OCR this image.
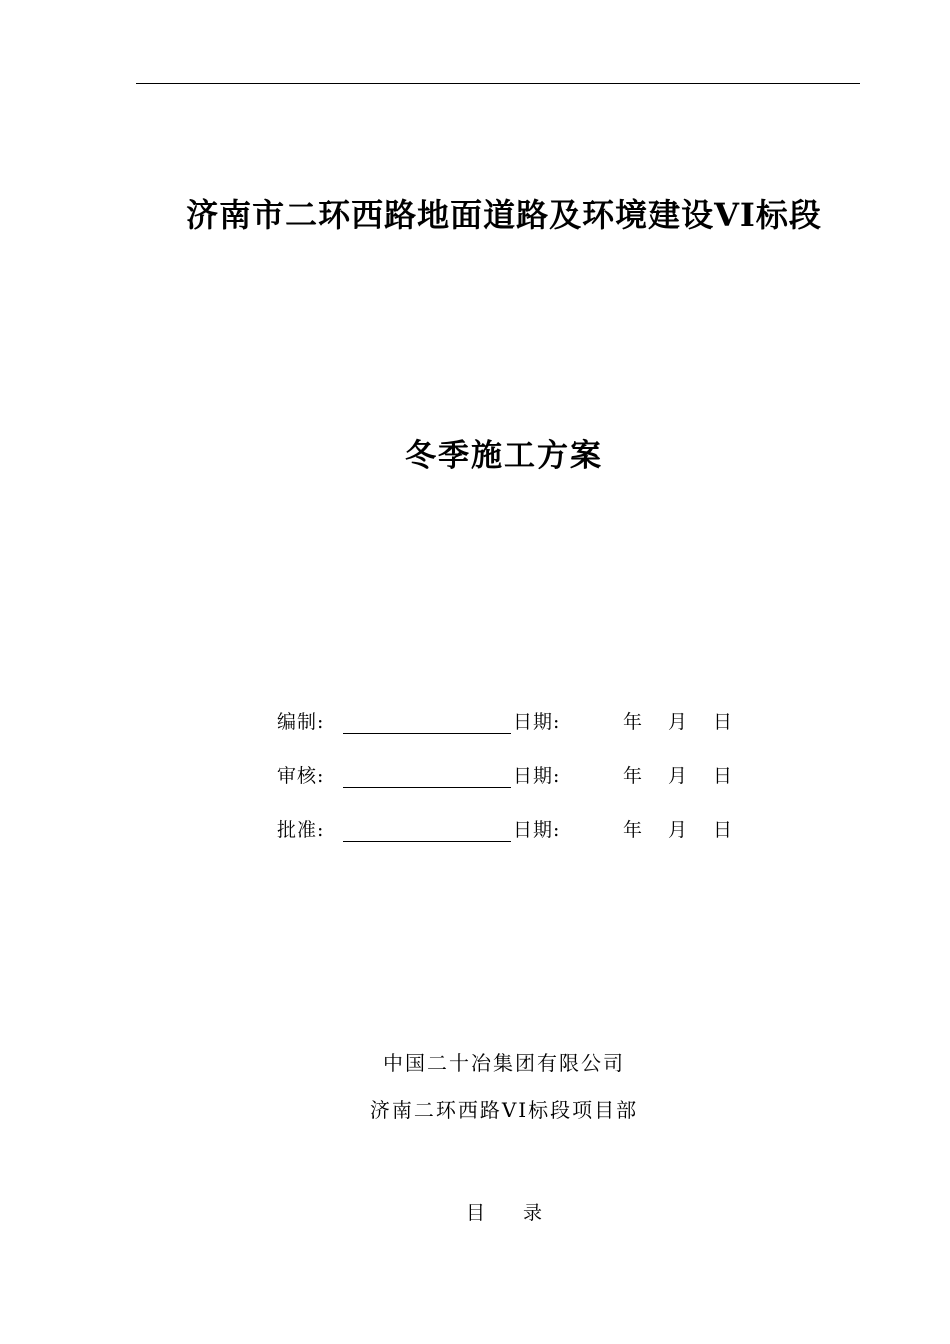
济南市二环西路地面道路及环境建设VI标段
冬季施工方案
编制:	日期:	年	月	日
审核:	日期:	年	月	日
批准:	日期:	年	月	日
中国二十冶集团有限公司
济南二环西路VI标段项目部
目 录
